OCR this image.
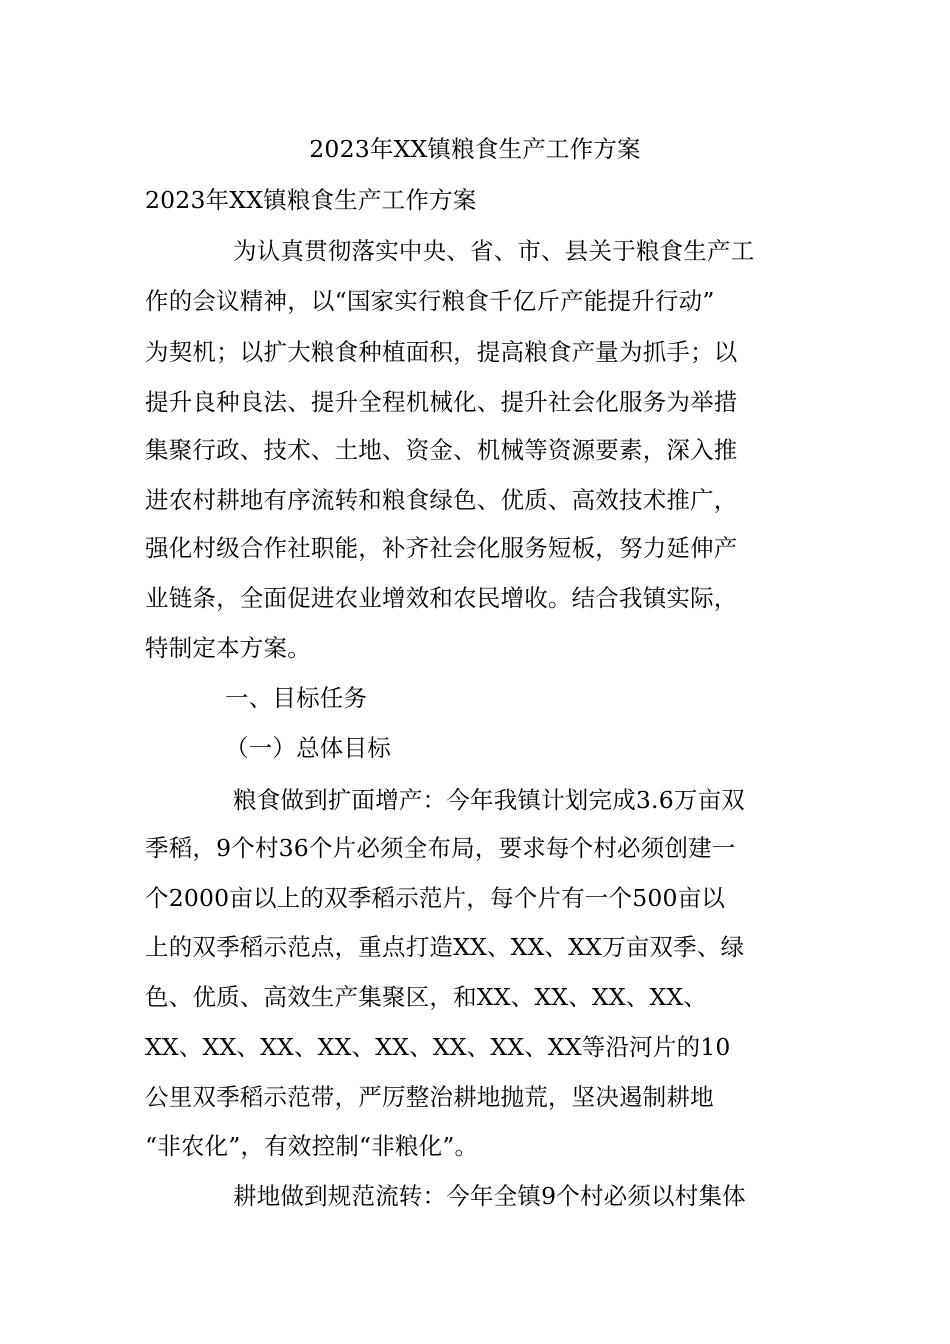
2023年XX镇粮食生产工作方案
2023年XX镇粮食生产工作方案
为认真贯彻落实中央、省、市、县关于粮食生产工
作的会议精神，以“国家实行粮食千亿斤产能提升行动”
为契机；以扩大粮食种植面积，提高粮食产量为抓手；以
提升良种良法、提升全程机械化、提升社会化服务为举措
集聚行政、技术、土地、资金、机械等资源要素，深入推
进农村耕地有序流转和粮食绿色、优质、高效技术推广，
强化村级合作社职能，补齐社会化服务短板，努力延伸产
业链条，全面促进农业增效和农民增收。结合我镇实际，
特制定本方案。
一、目标任务
（一）总体目标
粮食做到扩面增产：今年我镇计划完成3.6万亩双
季稻，9个村36个片必须全布局，要求每个村必须创建一
个2000亩以上的双季稻示范片，每个片有一个500亩以
上的双季稻示范点，重点打造XX、XX、XX万亩双季、绿
色、优质、高效生产集聚区，和XX、XX、XX、XX、
XX、XX、XX、XX、XX、XX、XX、XX等沿河片的10
公里双季稻示范带，严厉整治耕地抛荒，坚决遏制耕地
“非农化”，有效控制“非粮化”。
耕地做到规范流转：今年全镇9个村必须以村集体
